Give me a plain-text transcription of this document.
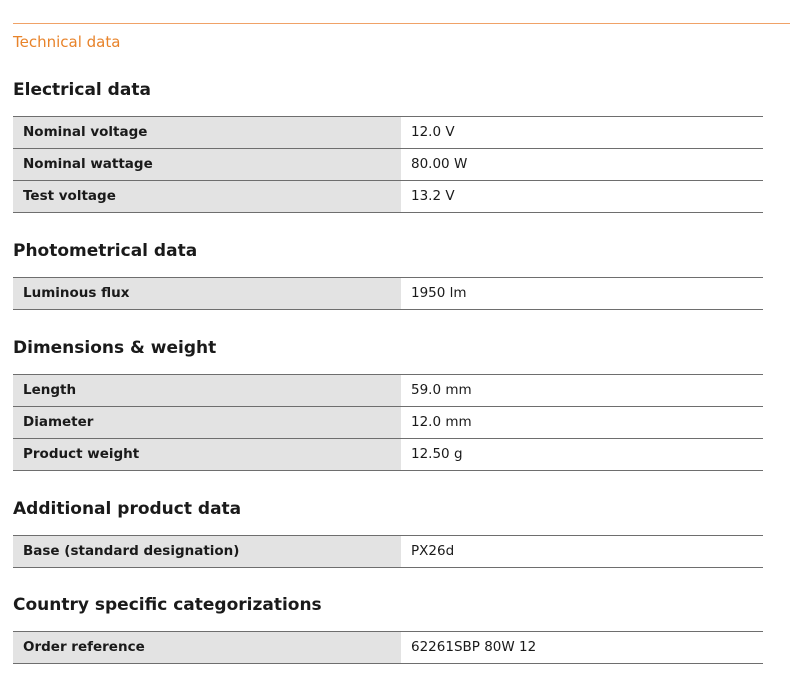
Technical data
Electrical data
Nominal voltage	12.0 V
Nominal wattage	80.00 W
Test voltage	13.2 V
Photometrical data
Luminous flux	1950 lm
Dimensions & weight
Length	59.0 mm
Diameter	12.0 mm
Product weight	12.50 g
Additional product data
Base (standard designation)	PX26d
Country specific categorizations
Order reference	62261SBP 80W 12
